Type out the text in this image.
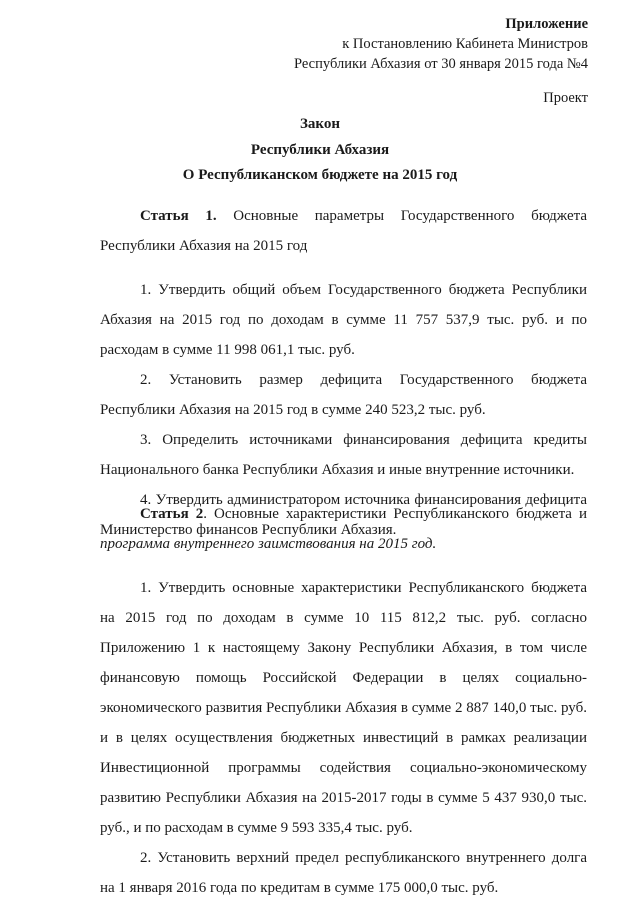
Приложение
к Постановлению Кабинета Министров
Республики Абхазия от 30 января 2015 года №4
Проект
Закон
Республики Абхазия
О Республиканском бюджете на 2015 год

Статья 1. Основные параметры Государственного бюджета Республики Абхазия на 2015 год

1. Утвердить общий объем Государственного бюджета Республики Абхазия на 2015 год по доходам в сумме 11 757 537,9 тыс. руб. и по расходам в сумме 11 998 061,1 тыс. руб.

2. Установить размер дефицита Государственного бюджета Республики Абхазия на 2015 год в сумме 240 523,2 тыс. руб.

3. Определить источниками финансирования дефицита кредиты Национального банка Республики Абхазия и иные внутренние источники.

4. Утвердить администратором источника финансирования дефицита Министерство финансов Республики Абхазия.

Статья 2. Основные характеристики Республиканского бюджета и программа внутреннего заимствования на 2015 год.

1. Утвердить основные характеристики Республиканского бюджета на 2015 год по доходам в сумме 10 115 812,2 тыс. руб. согласно Приложению 1 к настоящему Закону Республики Абхазия, в том числе финансовую помощь Российской Федерации в целях социально-экономического развития Республики Абхазия в сумме 2 887 140,0 тыс. руб. и в целях осуществления бюджетных инвестиций в рамках реализации Инвестиционной программы содействия социально-экономическому развитию Республики Абхазия на 2015-2017 годы в сумме 5 437 930,0 тыс. руб., и по расходам в сумме 9 593 335,4 тыс. руб.

2. Установить верхний предел республиканского внутреннего долга на 1 января 2016 года по кредитам в сумме 175 000,0 тыс. руб.
